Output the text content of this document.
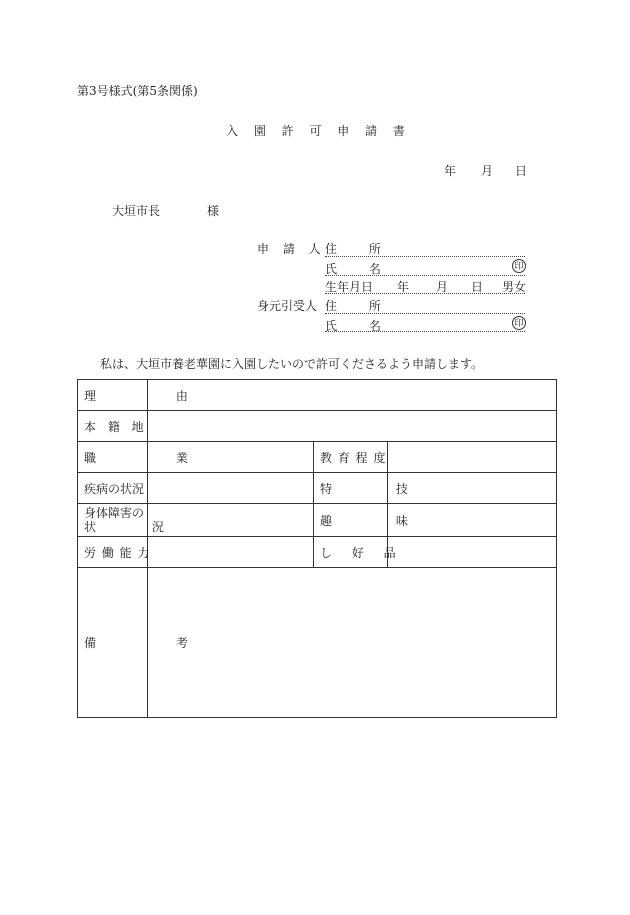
第3号様式(第5条関係)
入 園 許 可 申 請 書
年 月 日
大垣市長	様
申 請 人 住 所
氏 名	印
生年月日 年 月 日 男女
身元引受人 住 所
氏 名	印
私は、大垣市養老華園に入園したいので許可くださるよう申請します。
理 由			
本 籍 地			
職 業		教 育 程 度	
疾病の状況		特 技	

身体障害の
状 況		趣 味	
労 働 能 力		し 好 品	
備 考			
